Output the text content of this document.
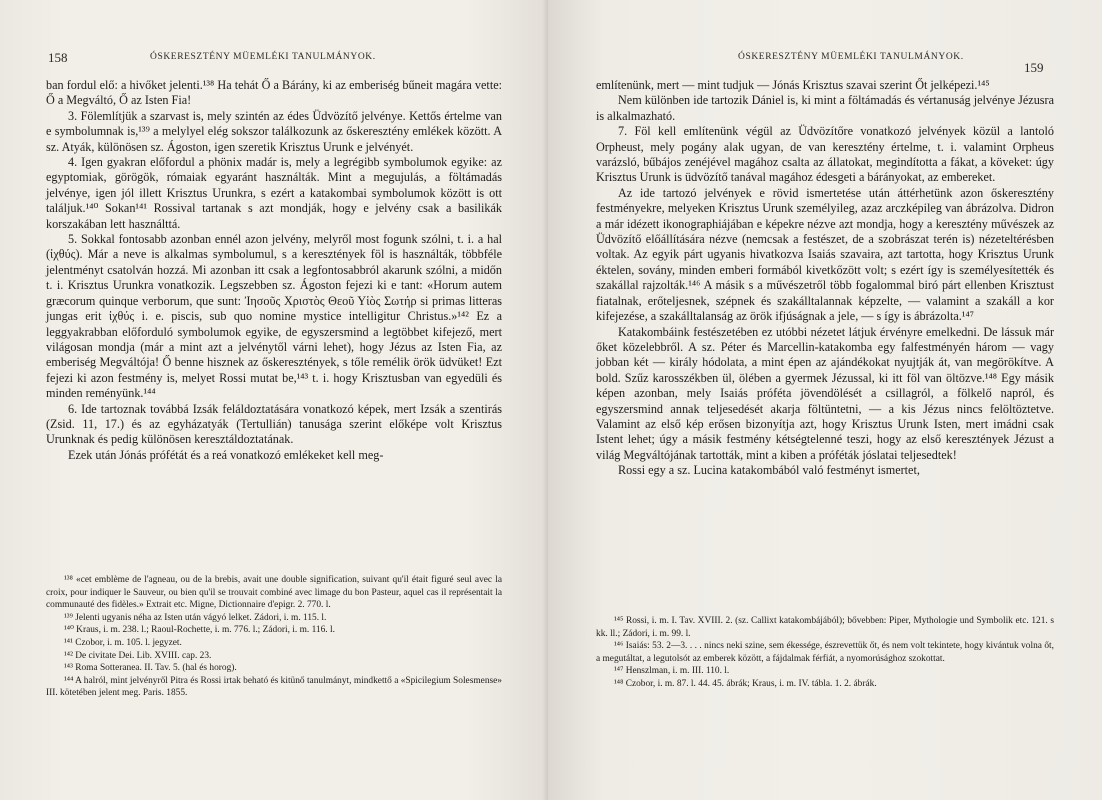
158	ÓSKERESZTÉNY MÜEMLÉKI TANULMÁNYOK.

ban fordul elő: a hivőket jelenti.¹³⁸ Ha tehát Ő a Bárány, ki az emberiség bűneit magára vette: Ő a Megváltó, Ő az Isten Fia!

3. Fölemlítjük a szarvast is, mely szintén az édes Üdvözítő jelvénye. Kettős értelme van e symbolumnak is,¹³⁹ a melylyel elég sokszor találkozunk az őskeresztény emlékek között. A sz. Atyák, különösen sz. Ágoston, igen szeretik Krisztus Urunk e jelvényét.

4. Igen gyakran előfordul a phönix madár is, mely a legrégibb symbolumok egyike: az egyptomiak, görögök, rómaiak egyaránt használták. Mint a megujulás, a föltámadás jelvénye, igen jól illett Krisztus Urunkra, s ezért a katakombai symbolumok között is ott találjuk.¹⁴⁰ Sokan¹⁴¹ Rossival tartanak s azt mondják, hogy e jelvény csak a basilikák korszakában lett használttá.

5. Sokkal fontosabb azonban ennél azon jelvény, melyről most fogunk szólni, t. i. a hal (ἰχθύς). Már a neve is alkalmas symbolumul, s a keresztények föl is használták, többféle jelentményt csatolván hozzá. Mi azonban itt csak a legfontosabbról akarunk szólni, a midőn t. i. Krisztus Urunkra vonatkozik. Legszebben sz. Ágoston fejezi ki e tant: «Horum autem græcorum quinque verborum, que sunt: Ἰησοῦς Χριστὸς Θεοῦ Υἱὸς Σωτήρ si primas litteras jungas erit ἰχθύς i. e. piscis, sub quo nomine mystice intelligitur Christus.»¹⁴² Ez a leggyakrabban előforduló symbolumok egyike, de egyszersmind a legtöbbet kifejező, mert világosan mondja (már a mint azt a jelvénytől várni lehet), hogy Jézus az Isten Fia, az emberiség Megváltója! Ő benne hisznek az őskeresztények, s tőle remélik örök üdvüket! Ezt fejezi ki azon festmény is, melyet Rossi mutat be,¹⁴³ t. i. hogy Krisztusban van egyedüli és minden reményünk.¹⁴⁴

6. Ide tartoznak továbbá Izsák feláldoztatására vonatkozó képek, mert Izsák a szentirás (Zsid. 11, 17.) és az egyházatyák (Tertullián) tanusága szerint előképe volt Krisztus Urunknak és pedig különösen keresztáldoztatának.

Ezek után Jónás prófétát és a reá vonatkozó emlékeket kell meg-

¹³⁸ «cet emblème de l'agneau, ou de la brebis, avait une double signification, suivant qu'il était figuré seul avec la croix, pour indiquer le Sauveur, ou bien qu'il se trouvait combiné avec limage du bon Pasteur, aquel cas il représentait la communauté des fidèles.» Extrait etc. Migne, Dictionnaire d'epigr. 2. 770. l.

¹³⁹ Jelenti ugyanis néha az Isten után vágyó lelket. Zádori, i. m. 115. l.

¹⁴⁰ Kraus, i. m. 238. l.; Raoul-Rochette, i. m. 776. l.; Zádori, i. m. 116. l.

¹⁴¹ Czobor, i. m. 105. l. jegyzet.

¹⁴² De civitate Dei. Lib. XVIII. cap. 23.

¹⁴³ Roma Sotteranea. II. Tav. 5. (hal és horog).

¹⁴⁴ A halról, mint jelvényről Pitra és Rossi irtak beható és kitünő tanulmányt, mindkettő a «Spicilegium Solesmense» III. kötetében jelent meg. Paris. 1855.

ÓSKERESZTÉNY MÜEMLÉKI TANULMÁNYOK.
159

említenünk, mert — mint tudjuk — Jónás Krisztus szavai szerint Őt jelképezi.¹⁴⁵

Nem különben ide tartozik Dániel is, ki mint a föltámadás és vértanuság jelvénye Jézusra is alkalmazható.

7. Föl kell említenünk végül az Üdvözítőre vonatkozó jelvények közül a lantoló Orpheust, mely pogány alak ugyan, de van keresztény értelme, t. i. valamint Orpheus varázsló, bűbájos zenéjével magához csalta az állatokat, megindította a fákat, a köveket: úgy Krisztus Urunk is üdvözítő tanával magához édesgeti a bárányokat, az embereket.

Az ide tartozó jelvények e rövid ismertetése után áttérhetünk azon őskeresztény festményekre, melyeken Krisztus Urunk személyileg, azaz arczképileg van ábrázolva. Didron a már idézett ikonographiájában e képekre nézve azt mondja, hogy a keresztény művészek az Üdvözítő előállítására nézve (nemcsak a festészet, de a szobrászat terén is) nézeteltérésben voltak. Az egyik párt ugyanis hivatkozva Isaiás szavaira, azt tartotta, hogy Krisztus Urunk éktelen, sovány, minden emberi formából kivetkőzött volt; s ezért így is személyesítették és szakállal rajzolták.¹⁴⁶ A másik s a művészetről több fogalommal biró párt ellenben Krisztust fiatalnak, erőteljesnek, szépnek és szakálltalannak képzelte, — valamint a szakáll a kor kifejezése, a szakálltalanság az örök ifjúságnak a jele, — s így is ábrázolta.¹⁴⁷

Katakombáink festészetében ez utóbbi nézetet látjuk érvényre emelkedni. De lássuk már őket közelebbről. A sz. Péter és Marcellin-katakomba egy falfestményén három — vagy jobban két — király hódolata, a mint épen az ajándékokat nyujtják át, van megörökítve. A bold. Szűz karosszékben ül, ölében a gyermek Jézussal, ki itt föl van öltözve.¹⁴⁸ Egy másik képen azonban, mely Isaiás próféta jövendölését a csillagról, a fölkelő napról, és egyszersmind annak teljesedését akarja föltüntetni, — a kis Jézus nincs felöltöztetve. Valamint az első kép erősen bizonyítja azt, hogy Krisztus Urunk Isten, mert imádni csak Istent lehet; úgy a másik festmény kétségtelenné teszi, hogy az első keresztények Jézust a világ Megváltójának tartották, mint a kiben a próféták jóslatai teljesedtek!

Rossi egy a sz. Lucina katakombából való festményt ismertet,

¹⁴⁵ Rossi, i. m. I. Tav. XVIII. 2. (sz. Callixt katakombájából); bővebben: Piper, Mythologie und Symbolik etc. 121. s kk. ll.; Zádori, i. m. 99. l.

¹⁴⁶ Isaiás: 53. 2—3. . . . nincs neki szine, sem ékessége, észrevettük őt, és nem volt tekintete, hogy kivántuk volna őt, a megutáltat, a legutolsót az emberek között, a fájdalmak férfiát, a nyomorúsághoz szokottat.

¹⁴⁷ Henszlman, i. m. III. 110. l.

¹⁴⁸ Czobor, i. m. 87. l. 44. 45. ábrák; Kraus, i. m. IV. tábla. 1. 2. ábrák.
